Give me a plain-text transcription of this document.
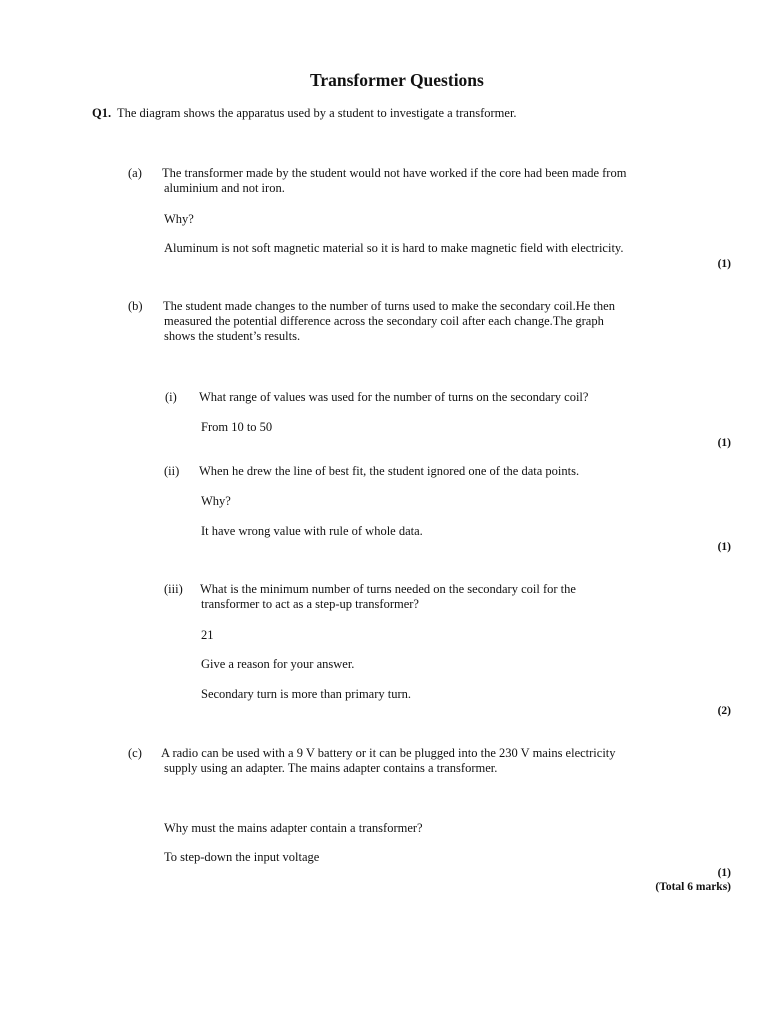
Transformer Questions
Q1. The diagram shows the apparatus used by a student to investigate a transformer.
(a) The transformer made by the student would not have worked if the core had been made from
aluminium and not iron.
Why?
Aluminum is not soft magnetic material so it is hard to make magnetic field with electricity.
(1)
(b) The student made changes to the number of turns used to make the secondary coil.He then
measured the potential difference across the secondary coil after each change.The graph
shows the student’s results.
(i) What range of values was used for the number of turns on the secondary coil?
From 10 to 50
(1)
(ii) When he drew the line of best fit, the student ignored one of the data points.
Why?
It have wrong value with rule of whole data.
(1)
(iii) What is the minimum number of turns needed on the secondary coil for the
transformer to act as a step-up transformer?
21
Give a reason for your answer.
Secondary turn is more than primary turn.
(2)
(c) A radio can be used with a 9 V battery or it can be plugged into the 230 V mains electricity
supply using an adapter. The mains adapter contains a transformer.
Why must the mains adapter contain a transformer?
To step-down the input voltage
(1)
(Total 6 marks)
